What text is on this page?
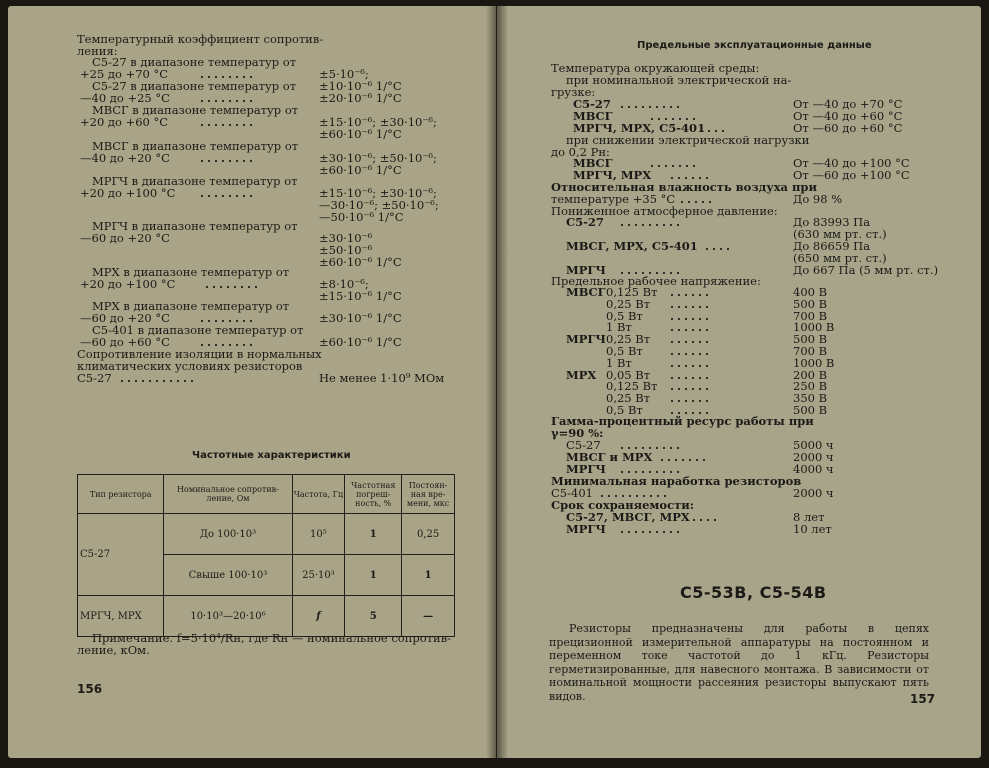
Температурный коэффициент сопротив-
ления:
С5-27 в диапазоне температур от
+25 до +70 °C	........	±5·10⁻⁶;
С5-27 в диапазоне температур от
—40 до +25 °C	........
±10·10⁻⁶ 1/°C
±20·10⁻⁶ 1/°C
МВСГ в диапазоне температур от
+20 до +60 °C	........	±15·10⁻⁶; ±30·10⁻⁶;
±60·10⁻⁶ 1/°C
МВСГ в диапазоне температур от
—40 до +20 °C	........	±30·10⁻⁶; ±50·10⁻⁶;
±60·10⁻⁶ 1/°C
МРГЧ в диапазоне температур от
+20 до +100 °C ........	±15·10⁻⁶; ±30·10⁻⁶;
—30·10⁻⁶; ±50·10⁻⁶;
—50·10⁻⁶ 1/°C
МРГЧ в диапазоне температур от
—60 до +20 °C	±30·10⁻⁶
±50·10⁻⁶
±60·10⁻⁶ 1/°C
МРХ в диапазоне температур от
+20 до +100 °C	........	±8·10⁻⁶;
±15·10⁻⁶ 1/°C
МРХ в диапазоне температур от
—60 до +20 °C	........	±30·10⁻⁶ 1/°C
С5-401 в диапазоне температур от
—60 до +60 °C	........	±60·10⁻⁶ 1/°C
Сопротивление изоляции в нормальных
климатических условиях резисторов
С5-27 ...........	Не менее 1·10⁹ МОм
Частотные характеристики
Тип резистора	Номинальное сопротив-ление, Ом	Частота, Гц	Частотная погреш-ность, %	Постоян-ная вре-мени, мкс
С5-27	До 100·10³	10⁵	1	0,25
	Свыше 100·10³	25·10³	1	1
МРГЧ, МРХ	10·10³—20·10⁶	f	5	—
Примечание. f=5·10⁴/Rн, где Rн — номинальное сопротив-
ление, кОм.
156
Предельные эксплуатационные данные
Температура окружающей среды:
при номинальной электрической на-
грузке:
С5-27 .........	От —40 до +70 °C
МВСГ	.......	От —40 до +60 °C
МРГЧ, МРХ, С5-401
....	От —60 до +60 °C
при снижении электрической нагрузки
до 0,2 Pн:
МВСГ	.......	От —40 до +100 °C
МРГЧ, МРХ ......	От —60 до +100 °C
Относительная влажность воздуха при
температуре +35 °C .....	До 98 %
Пониженное атмосферное давление:
С5-27 .........	До 83993 Па
(630 мм рт. ст.)
МВСГ, МРХ, С5-401 ....	До 86659 Па
(650 мм рт. ст.)
МРГЧ .........	До 667 Па (5 мм рт. ст.)
Предельное рабочее напряжение:
МВСГ 0,125 Вт ......	400 В
0,25 Вт ......	500 В
0,5 Вт ......	700 В
1 Вт	......	1000 В
МРГЧ 0,25 Вт ......	500 В
0,5 Вт ......	700 В
1 Вт	......	1000 В
МРХ 0,05 Вт ......	200 В
0,125 Вт ......	250 В
0,25 Вт ......	350 В
0,5 Вт ......	500 В
Гамма-процентный ресурс работы при
γ=90 %:
С5-27 .........	5000 ч
МВСГ и МРХ .......	2000 ч
МРГЧ .........	4000 ч
Минимальная наработка резисторов
С5-401 ..........	2000 ч
Срок сохраняемости:
С5-27, МВСГ, МРХ
.....	8 лет
МРГЧ .........	10 лет
С5-53В, С5-54В
Резисторы предназначены для работы в цепях прецизионной измерительной аппаратуры на постоянном и переменном токе частотой до 1 кГц. Резисторы герметизированные, для навесного монтажа. В зависимости от номинальной мощности рассеяния резисторы выпускают пять видов.	157
